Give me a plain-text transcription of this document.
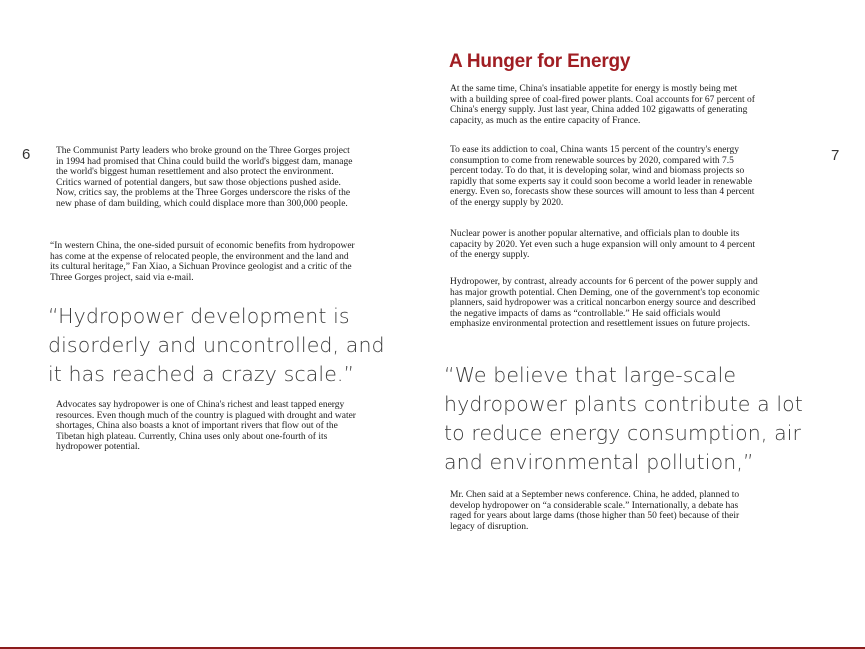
6	The Communist Party leaders who broke ground on the Three Gorges project in 1994 had promised that China could build the world's biggest dam, manage the world's biggest human resettlement and also protect the environment. Critics warned of potential dangers, but saw those objections pushed aside. Now, critics say, the problems at the Three Gorges underscore the risks of the new phase of dam building, which could displace more than 300,000 people.

“In western China, the one-sided pursuit of economic benefits from hydropower has come at the expense of relocated people, the environment and the land and its cultural heritage,” Fan Xiao, a Sichuan Province geologist and a critic of the Three Gorges project, said via e-mail.

“Hydropower development is disorderly and uncontrolled, and it has reached a crazy scale.”

Advocates say hydropower is one of China's richest and least tapped energy resources. Even though much of the country is plagued with drought and water shortages, China also boasts a knot of important rivers that flow out of the Tibetan high plateau. Currently, China uses only about one-fourth of its hydropower potential.

7
A Hunger for Energy

At the same time, China's insatiable appetite for energy is mostly being met with a building spree of coal-fired power plants. Coal accounts for 67 percent of China's energy supply. Just last year, China added 102 gigawatts of generating capacity, as much as the entire capacity of France.

To ease its addiction to coal, China wants 15 percent of the country's energy consumption to come from renewable sources by 2020, compared with 7.5 percent today. To do that, it is developing solar, wind and biomass projects so rapidly that some experts say it could soon become a world leader in renewable energy. Even so, forecasts show these sources will amount to less than 4 percent of the energy supply by 2020.

Nuclear power is another popular alternative, and officials plan to double its capacity by 2020. Yet even such a huge expansion will only amount to 4 percent of the energy supply.

Hydropower, by contrast, already accounts for 6 percent of the power supply and has major growth potential. Chen Deming, one of the government's top economic planners, said hydropower was a critical noncarbon energy source and described the negative impacts of dams as “controllable.” He said officials would emphasize environmental protection and resettlement issues on future projects.

“We believe that large-scale hydropower plants contribute a lot to reduce energy consumption, air and environmental pollution,”

Mr. Chen said at a September news conference. China, he added, planned to develop hydropower on “a considerable scale.” Internationally, a debate has raged for years about large dams (those higher than 50 feet) because of their legacy of disruption.
